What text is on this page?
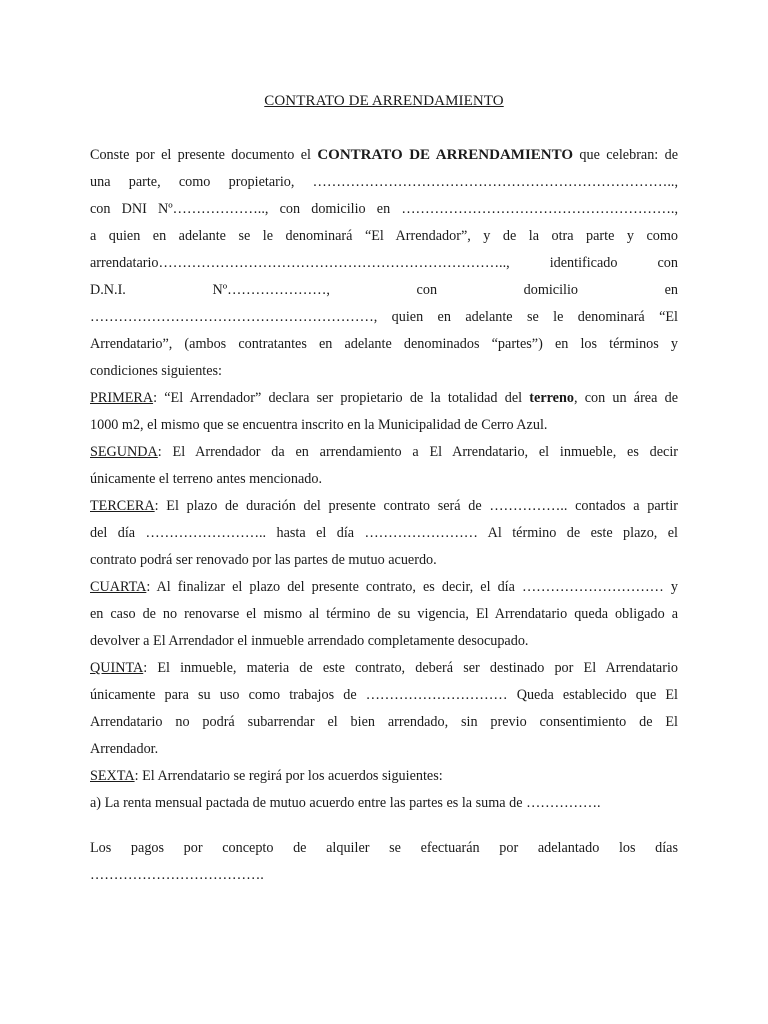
CONTRATO DE ARRENDAMIENTO

Conste por el presente documento el CONTRATO DE ARRENDAMIENTO que celebran: de

una parte, como propietario, …………………………………………………………………..,

con DNI Nº……………….., con domicilio en ………………………………………………….,

a quien en adelante se le denominará “El Arrendador”, y de la otra parte y como

arrendatario……………………………………………………………….., identificado con

D.N.I. Nº…………………, con domicilio en

……………………………………………………, quien en adelante se le denominará “El

Arrendatario”, (ambos contratantes en adelante denominados “partes”) en los términos y

condiciones siguientes:

PRIMERA: “El Arrendador” declara ser propietario de la totalidad del terreno, con un área de

1000 m2, el mismo que se encuentra inscrito en la Municipalidad de Cerro Azul.

SEGUNDA: El Arrendador da en arrendamiento a El Arrendatario, el inmueble, es decir

únicamente el terreno antes mencionado.

TERCERA: El plazo de duración del presente contrato será de …………….. contados a partir

del día …………………….. hasta el día …………………… Al término de este plazo, el

contrato podrá ser renovado por las partes de mutuo acuerdo.

CUARTA: Al finalizar el plazo del presente contrato, es decir, el día ………………………… y

en caso de no renovarse el mismo al término de su vigencia, El Arrendatario queda obligado a

devolver a El Arrendador el inmueble arrendado completamente desocupado.

QUINTA: El inmueble, materia de este contrato, deberá ser destinado por El Arrendatario

únicamente para su uso como trabajos de ………………………… Queda establecido que El

Arrendatario no podrá subarrendar el bien arrendado, sin previo consentimiento de El

Arrendador.

SEXTA: El Arrendatario se regirá por los acuerdos siguientes:

a) La renta mensual pactada de mutuo acuerdo entre las partes es la suma de …………….

Los pagos por concepto de alquiler se efectuarán por adelantado los días

……………………………….
